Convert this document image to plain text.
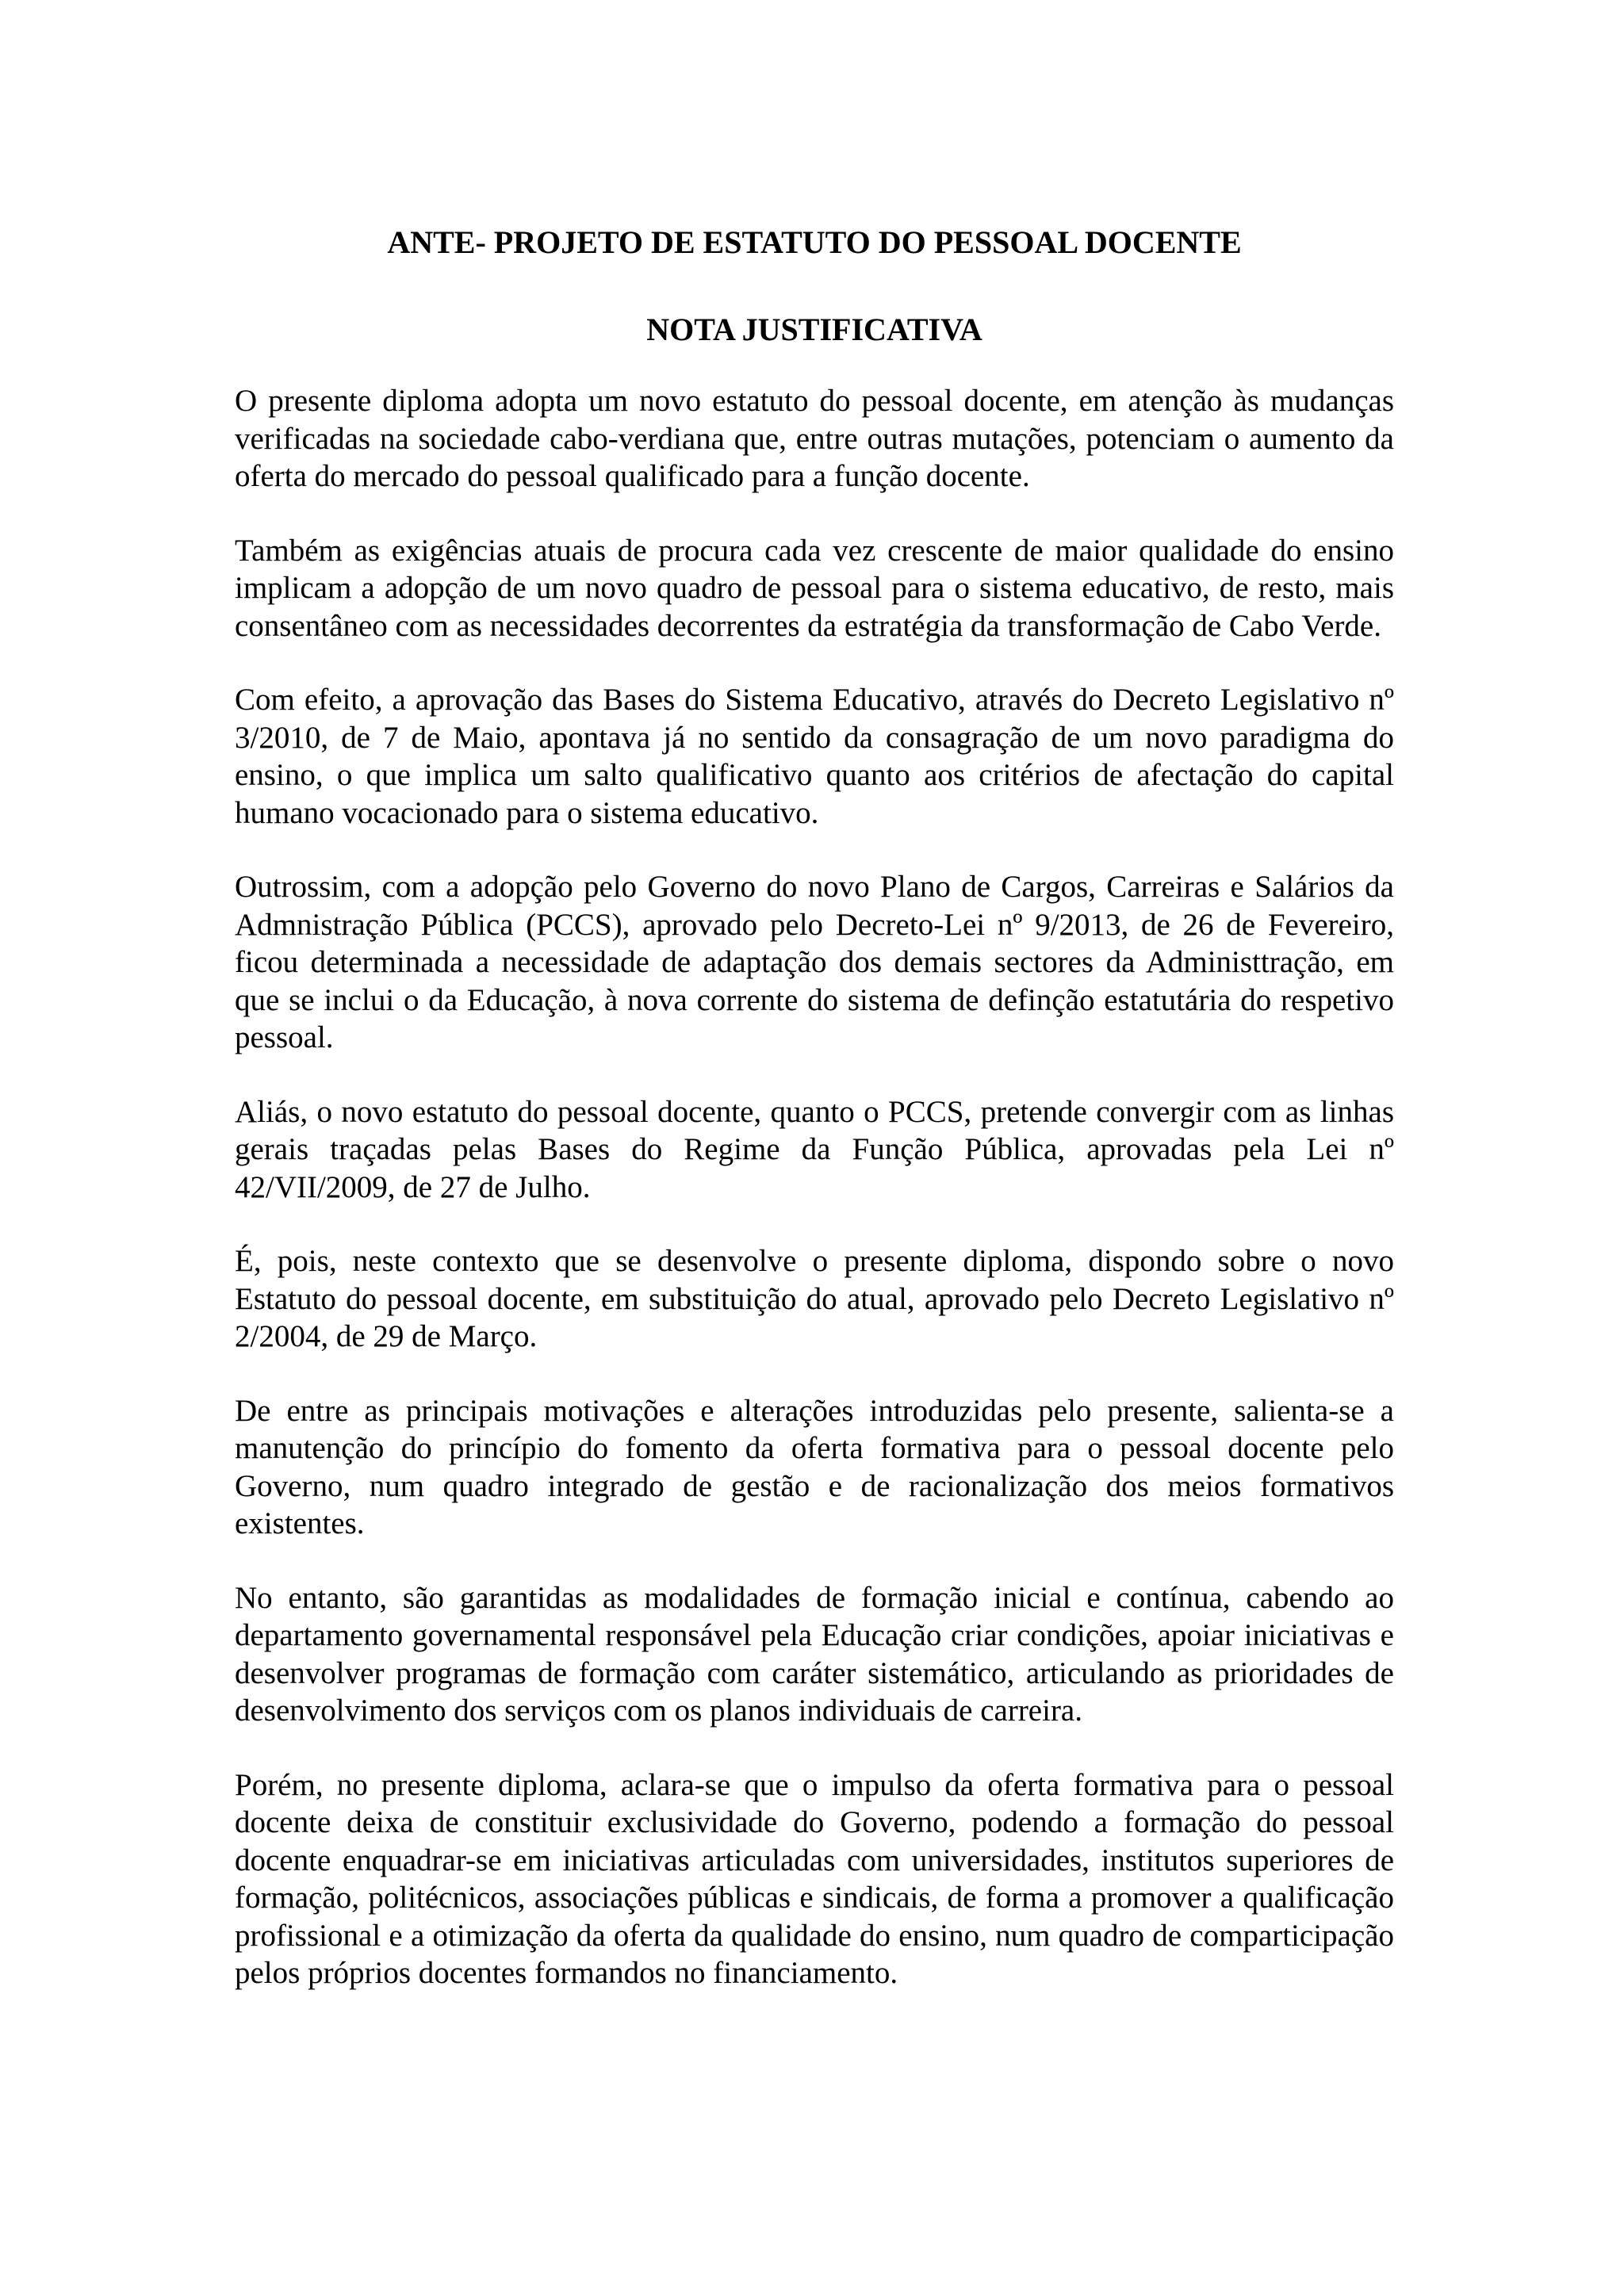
ANTE- PROJETO DE ESTATUTO DO PESSOAL DOCENTE
NOTA JUSTIFICATIVA

O presente diploma adopta um novo estatuto do pessoal docente, em atenção às mudanças verificadas na sociedade cabo-verdiana que, entre outras mutações, potenciam o aumento da oferta do mercado do pessoal qualificado para a função docente.

Também as exigências atuais de procura cada vez crescente de maior qualidade do ensino implicam a adopção de um novo quadro de pessoal para o sistema educativo, de resto, mais consentâneo com as necessidades decorrentes da estratégia da transformação de Cabo Verde.

Com efeito, a aprovação das Bases do Sistema Educativo, através do Decreto Legislativo nº 3/2010, de 7 de Maio, apontava já no sentido da consagração de um novo paradigma do ensino, o que implica um salto qualificativo quanto aos critérios de afectação do capital humano vocacionado para o sistema educativo.

Outrossim, com a adopção pelo Governo do novo Plano de Cargos, Carreiras e Salários da Admnistração Pública (PCCS), aprovado pelo Decreto-Lei nº 9/2013, de 26 de Fevereiro, ficou determinada a necessidade de adaptação dos demais sectores da Administtração, em que se inclui o da Educação, à nova corrente do sistema de definção estatutária do respetivo pessoal.

Aliás, o novo estatuto do pessoal docente, quanto o PCCS, pretende convergir com as linhas gerais traçadas pelas Bases do Regime da Função Pública, aprovadas pela Lei nº 42/VII/2009, de 27 de Julho.

É, pois, neste contexto que se desenvolve o presente diploma, dispondo sobre o novo Estatuto do pessoal docente, em substituição do atual, aprovado pelo Decreto Legislativo nº 2/2004, de 29 de Março.

De entre as principais motivações e alterações introduzidas pelo presente, salienta-se a manutenção do princípio do fomento da oferta formativa para o pessoal docente pelo Governo, num quadro integrado de gestão e de racionalização dos meios formativos existentes.

No entanto, são garantidas as modalidades de formação inicial e contínua, cabendo ao departamento governamental responsável pela Educação criar condições, apoiar iniciativas e desenvolver programas de formação com caráter sistemático, articulando as prioridades de desenvolvimento dos serviços com os planos individuais de carreira.

Porém, no presente diploma, aclara-se que o impulso da oferta formativa para o pessoal docente deixa de constituir exclusividade do Governo, podendo a formação do pessoal docente enquadrar-se em iniciativas articuladas com universidades, institutos superiores de formação, politécnicos, associações públicas e sindicais, de forma a promover a qualificação profissional e a otimização da oferta da qualidade do ensino, num quadro de comparticipação pelos próprios docentes formandos no financiamento.
